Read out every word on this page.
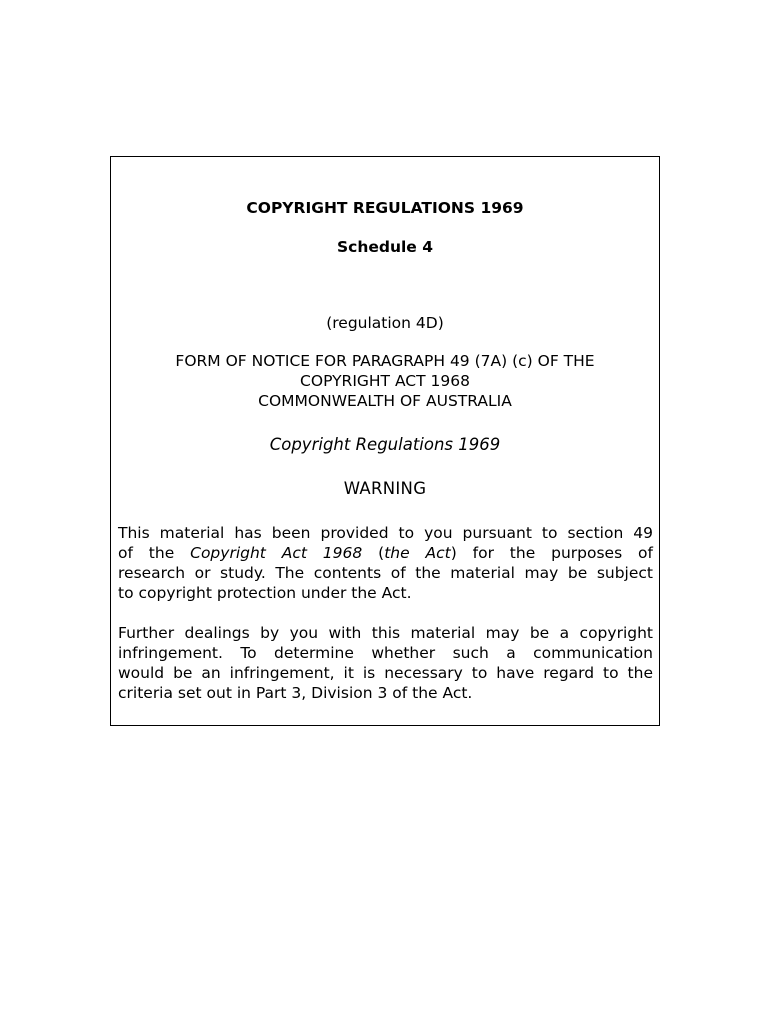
COPYRIGHT REGULATIONS 1969

Schedule 4

(regulation 4D)

FORM OF NOTICE FOR PARAGRAPH 49 (7A) (c) OF THE
COPYRIGHT ACT 1968
COMMONWEALTH OF AUSTRALIA

Copyright Regulations 1969

WARNING

This material has been provided to you pursuant to section 49
of the Copyright Act 1968 (the Act) for the purposes of
research or study. The contents of the material may be subject
to copyright protection under the Act.
Further dealings by you with this material may be a copyright
infringement. To determine whether such a communication
would be an infringement, it is necessary to have regard to the
criteria set out in Part 3, Division 3 of the Act.
